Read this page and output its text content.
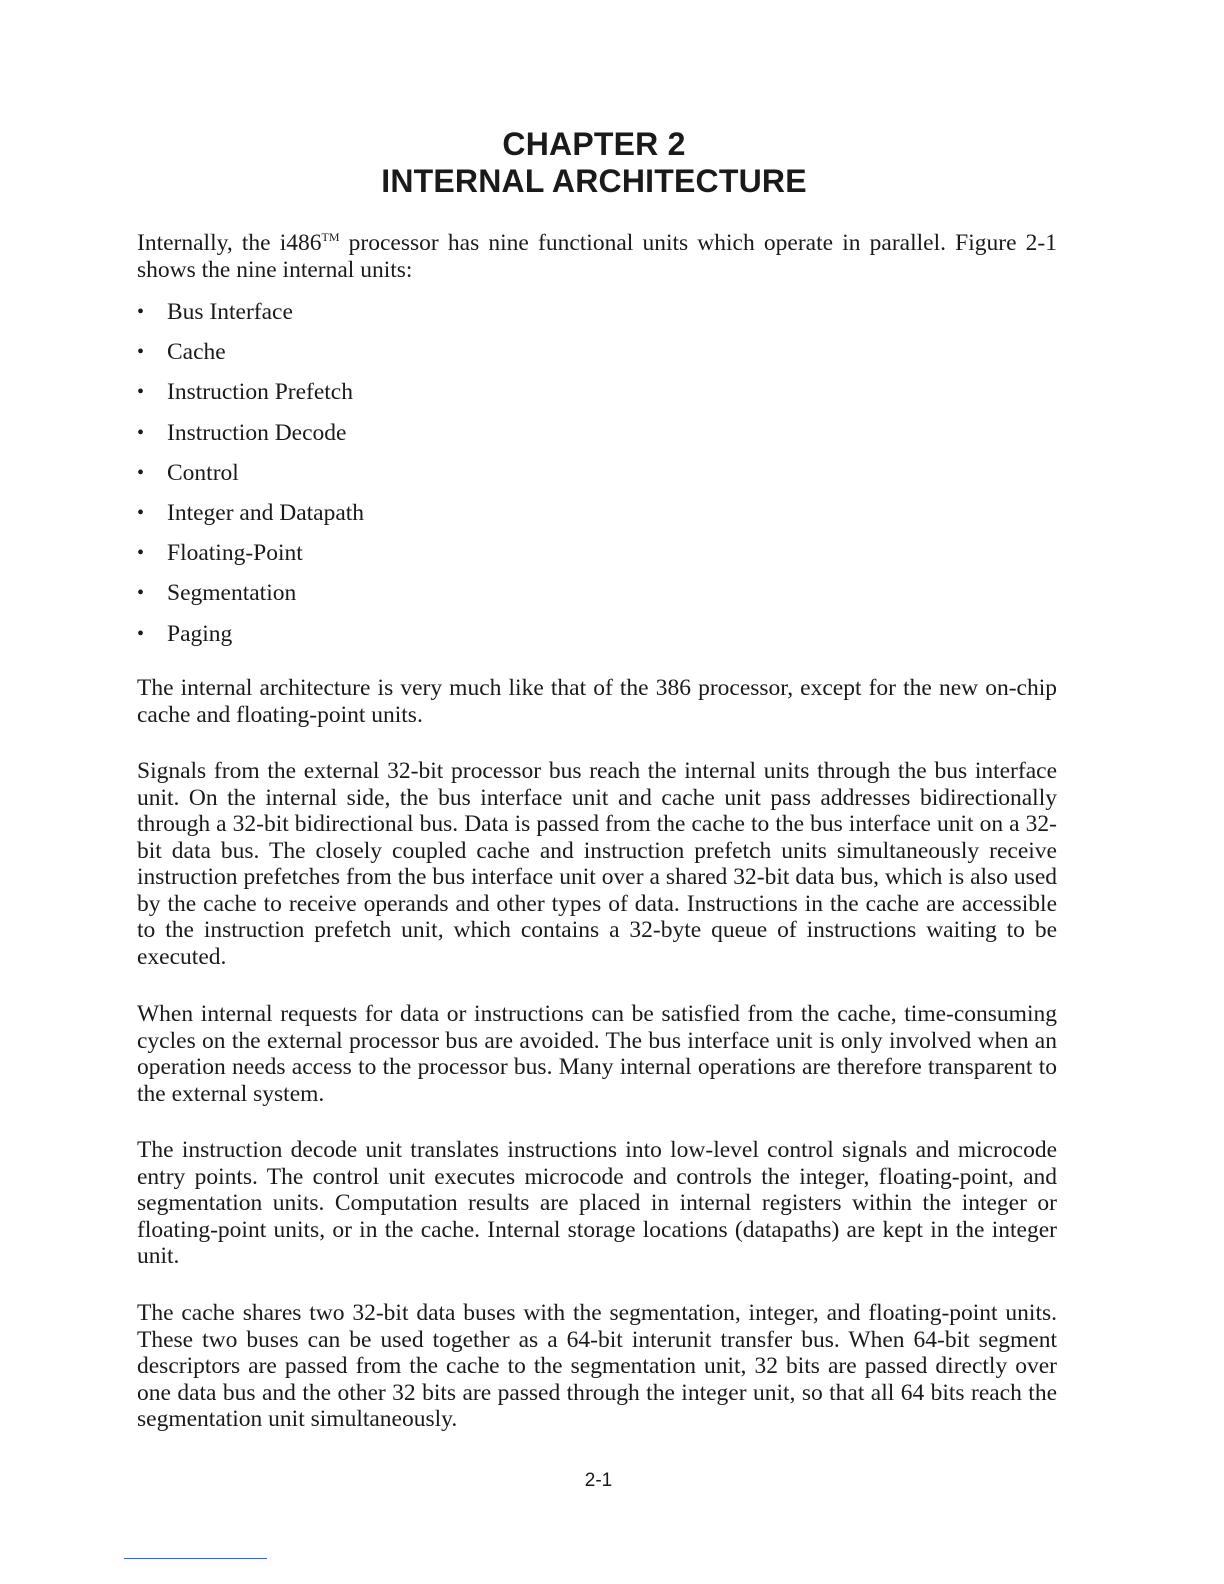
CHAPTER 2
INTERNAL ARCHITECTURE

Internally, the i486™ processor has nine functional units which operate in parallel. Figure 2-1 shows the nine internal units:

• Bus Interface
• Cache
• Instruction Prefetch
• Instruction Decode
• Control
• Integer and Datapath
• Floating-Point
• Segmentation
• Paging

The internal architecture is very much like that of the 386 processor, except for the new on-chip cache and floating-point units.

Signals from the external 32-bit processor bus reach the internal units through the bus interface unit. On the internal side, the bus interface unit and cache unit pass addresses bidirectionally through a 32-bit bidirectional bus. Data is passed from the cache to the bus interface unit on a 32-bit data bus. The closely coupled cache and instruction prefetch units simultaneously receive instruction prefetches from the bus interface unit over a shared 32-bit data bus, which is also used by the cache to receive operands and other types of data. Instructions in the cache are accessible to the instruction prefetch unit, which contains a 32-byte queue of instructions waiting to be executed.

When internal requests for data or instructions can be satisfied from the cache, time-consuming cycles on the external processor bus are avoided. The bus interface unit is only involved when an operation needs access to the processor bus. Many internal operations are therefore transparent to the external system.

The instruction decode unit translates instructions into low-level control signals and microcode entry points. The control unit executes microcode and controls the integer, floating-point, and segmentation units. Computation results are placed in internal registers within the integer or floating-point units, or in the cache. Internal storage locations (datapaths) are kept in the integer unit.

The cache shares two 32-bit data buses with the segmentation, integer, and floating-point units. These two buses can be used together as a 64-bit interunit transfer bus. When 64-bit segment descriptors are passed from the cache to the segmentation unit, 32 bits are passed directly over one data bus and the other 32 bits are passed through the integer unit, so that all 64 bits reach the segmentation unit simultaneously.

2-1
